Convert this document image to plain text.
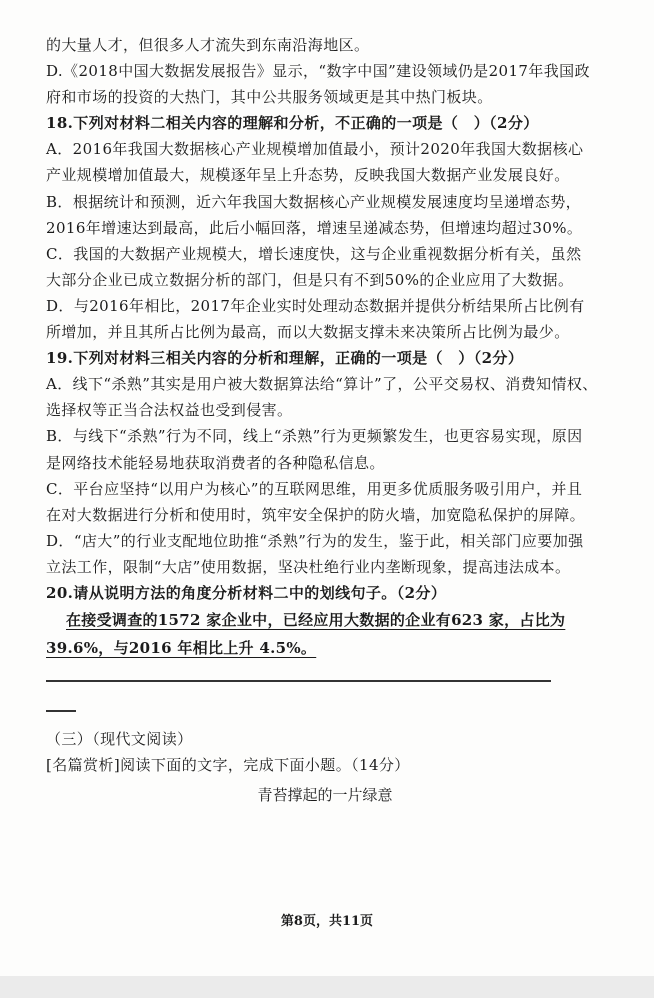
的大量人才，但很多人才流失到东南沿海地区。
D.《2018中国大数据发展报告》显示，“数字中国”建设领域仍是2017年我国政
府和市场的投资的大热门，其中公共服务领域更是其中热门板块。
18.下列对材料二相关内容的理解和分析，不正确的一项是（　）（2分）
A．2016年我国大数据核心产业规模增加值最小，预计2020年我国大数据核心
产业规模增加值最大，规模逐年呈上升态势，反映我国大数据产业发展良好。
B．根据统计和预测，近六年我国大数据核心产业规模发展速度均呈递增态势，
2016年增速达到最高，此后小幅回落，增速呈递减态势，但增速均超过30%。
C．我国的大数据产业规模大，增长速度快，这与企业重视数据分析有关，虽然
大部分企业已成立数据分析的部门，但是只有不到50%的企业应用了大数据。
D．与2016年相比，2017年企业实时处理动态数据并提供分析结果所占比例有
所增加，并且其所占比例为最高，而以大数据支撑未来决策所占比例为最少。
19.下列对材料三相关内容的分析和理解，正确的一项是（　）（2分）
A．线下“杀熟”其实是用户被大数据算法给“算计”了，公平交易权、消费知情权、
选择权等正当合法权益也受到侵害。
B．与线下“杀熟”行为不同，线上“杀熟”行为更频繁发生，也更容易实现，原因
是网络技术能轻易地获取消费者的各种隐私信息。
C．平台应坚持“以用户为核心”的互联网思维，用更多优质服务吸引用户，并且
在对大数据进行分析和使用时，筑牢安全保护的防火墙，加宽隐私保护的屏障。
D．“店大”的行业支配地位助推“杀熟”行为的发生，鉴于此，相关部门应要加强
立法工作，限制“大店”使用数据，坚决杜绝行业内垄断现象，提高违法成本。
20.请从说明方法的角度分析材料二中的划线句子。（2分）
在接受调查的1572 家企业中，已经应用大数据的企业有623 家，占比为
39.6%，与2016 年相比上升 4.5%。
（三）（现代文阅读）
[名篇赏析]阅读下面的文字，完成下面小题。（14分）
青苔撑起的一片绿意
第8页，共11页
